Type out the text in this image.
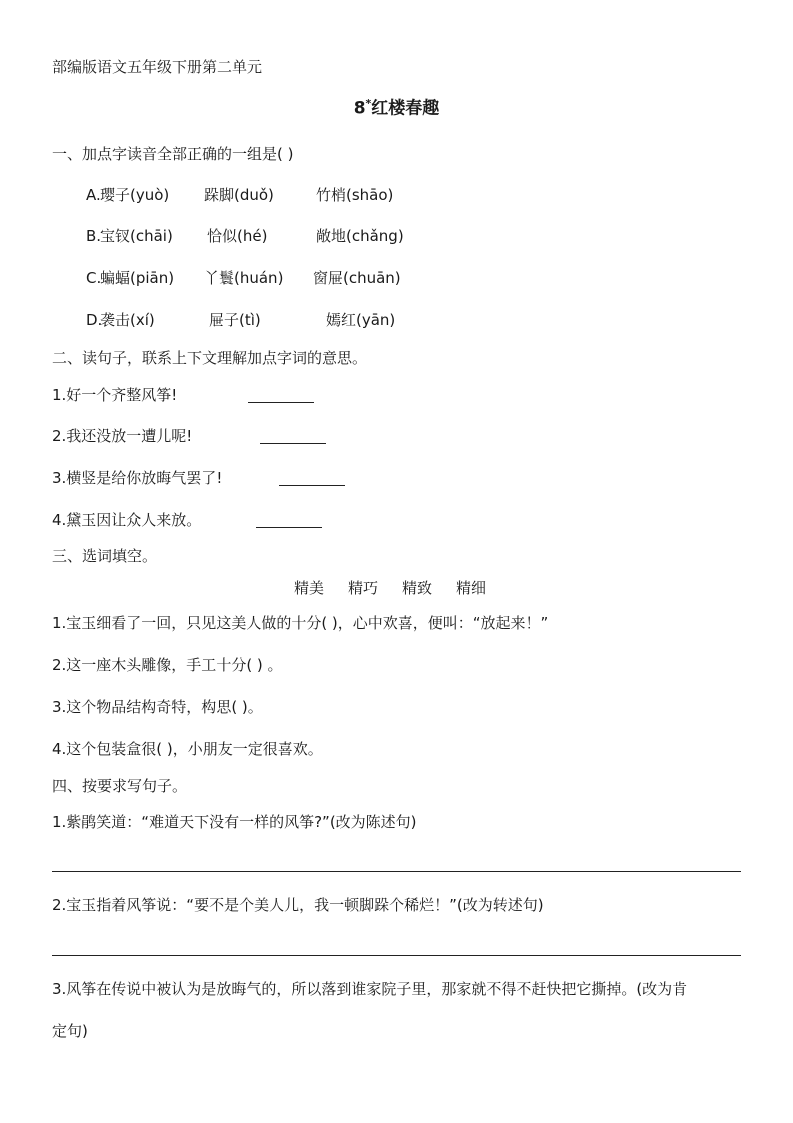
部编版语文五年级下册第二单元
8*红楼春趣
一、加点字读音全部正确的一组是( )
A. 璎子(yuò) 跺脚(duǒ)	竹梢(shāo)
B.
宝钗(chāi) 恰似(hé)	敞地(chǎng)
C.
蝙蝠(piān) 丫鬟(huán) 窗屉(chuān)
D.
袭击(xí)	屉子(tì)	嫣红(yān)
二、读句子，联系上下文理解加点字词的意思。
1.好一个齐整风筝!
2.我还没放一遭儿呢!
3.横竖是给你放晦气罢了!
4.黛玉因让众人来放。
三、选词填空。
精美 精巧 精致 精细
1.宝玉细看了一回，只见这美人做的十分( )，心中欢喜，便叫：“放起来！”
2.这一座木头雕像，手工十分( ) 。
3.这个物品结构奇特，构思( )。
4.这个包装盒很( )，小朋友一定很喜欢。
四、按要求写句子。
1.紫鹃笑道：“难道天下没有一样的风筝?”(改为陈述句)
2.宝玉指着风筝说：“要不是个美人儿，我一顿脚跺个稀烂！”(改为转述句)
3.风筝在传说中被认为是放晦气的，所以落到谁家院子里，那家就不得不赶快把它撕掉。(改为肯
定句)
